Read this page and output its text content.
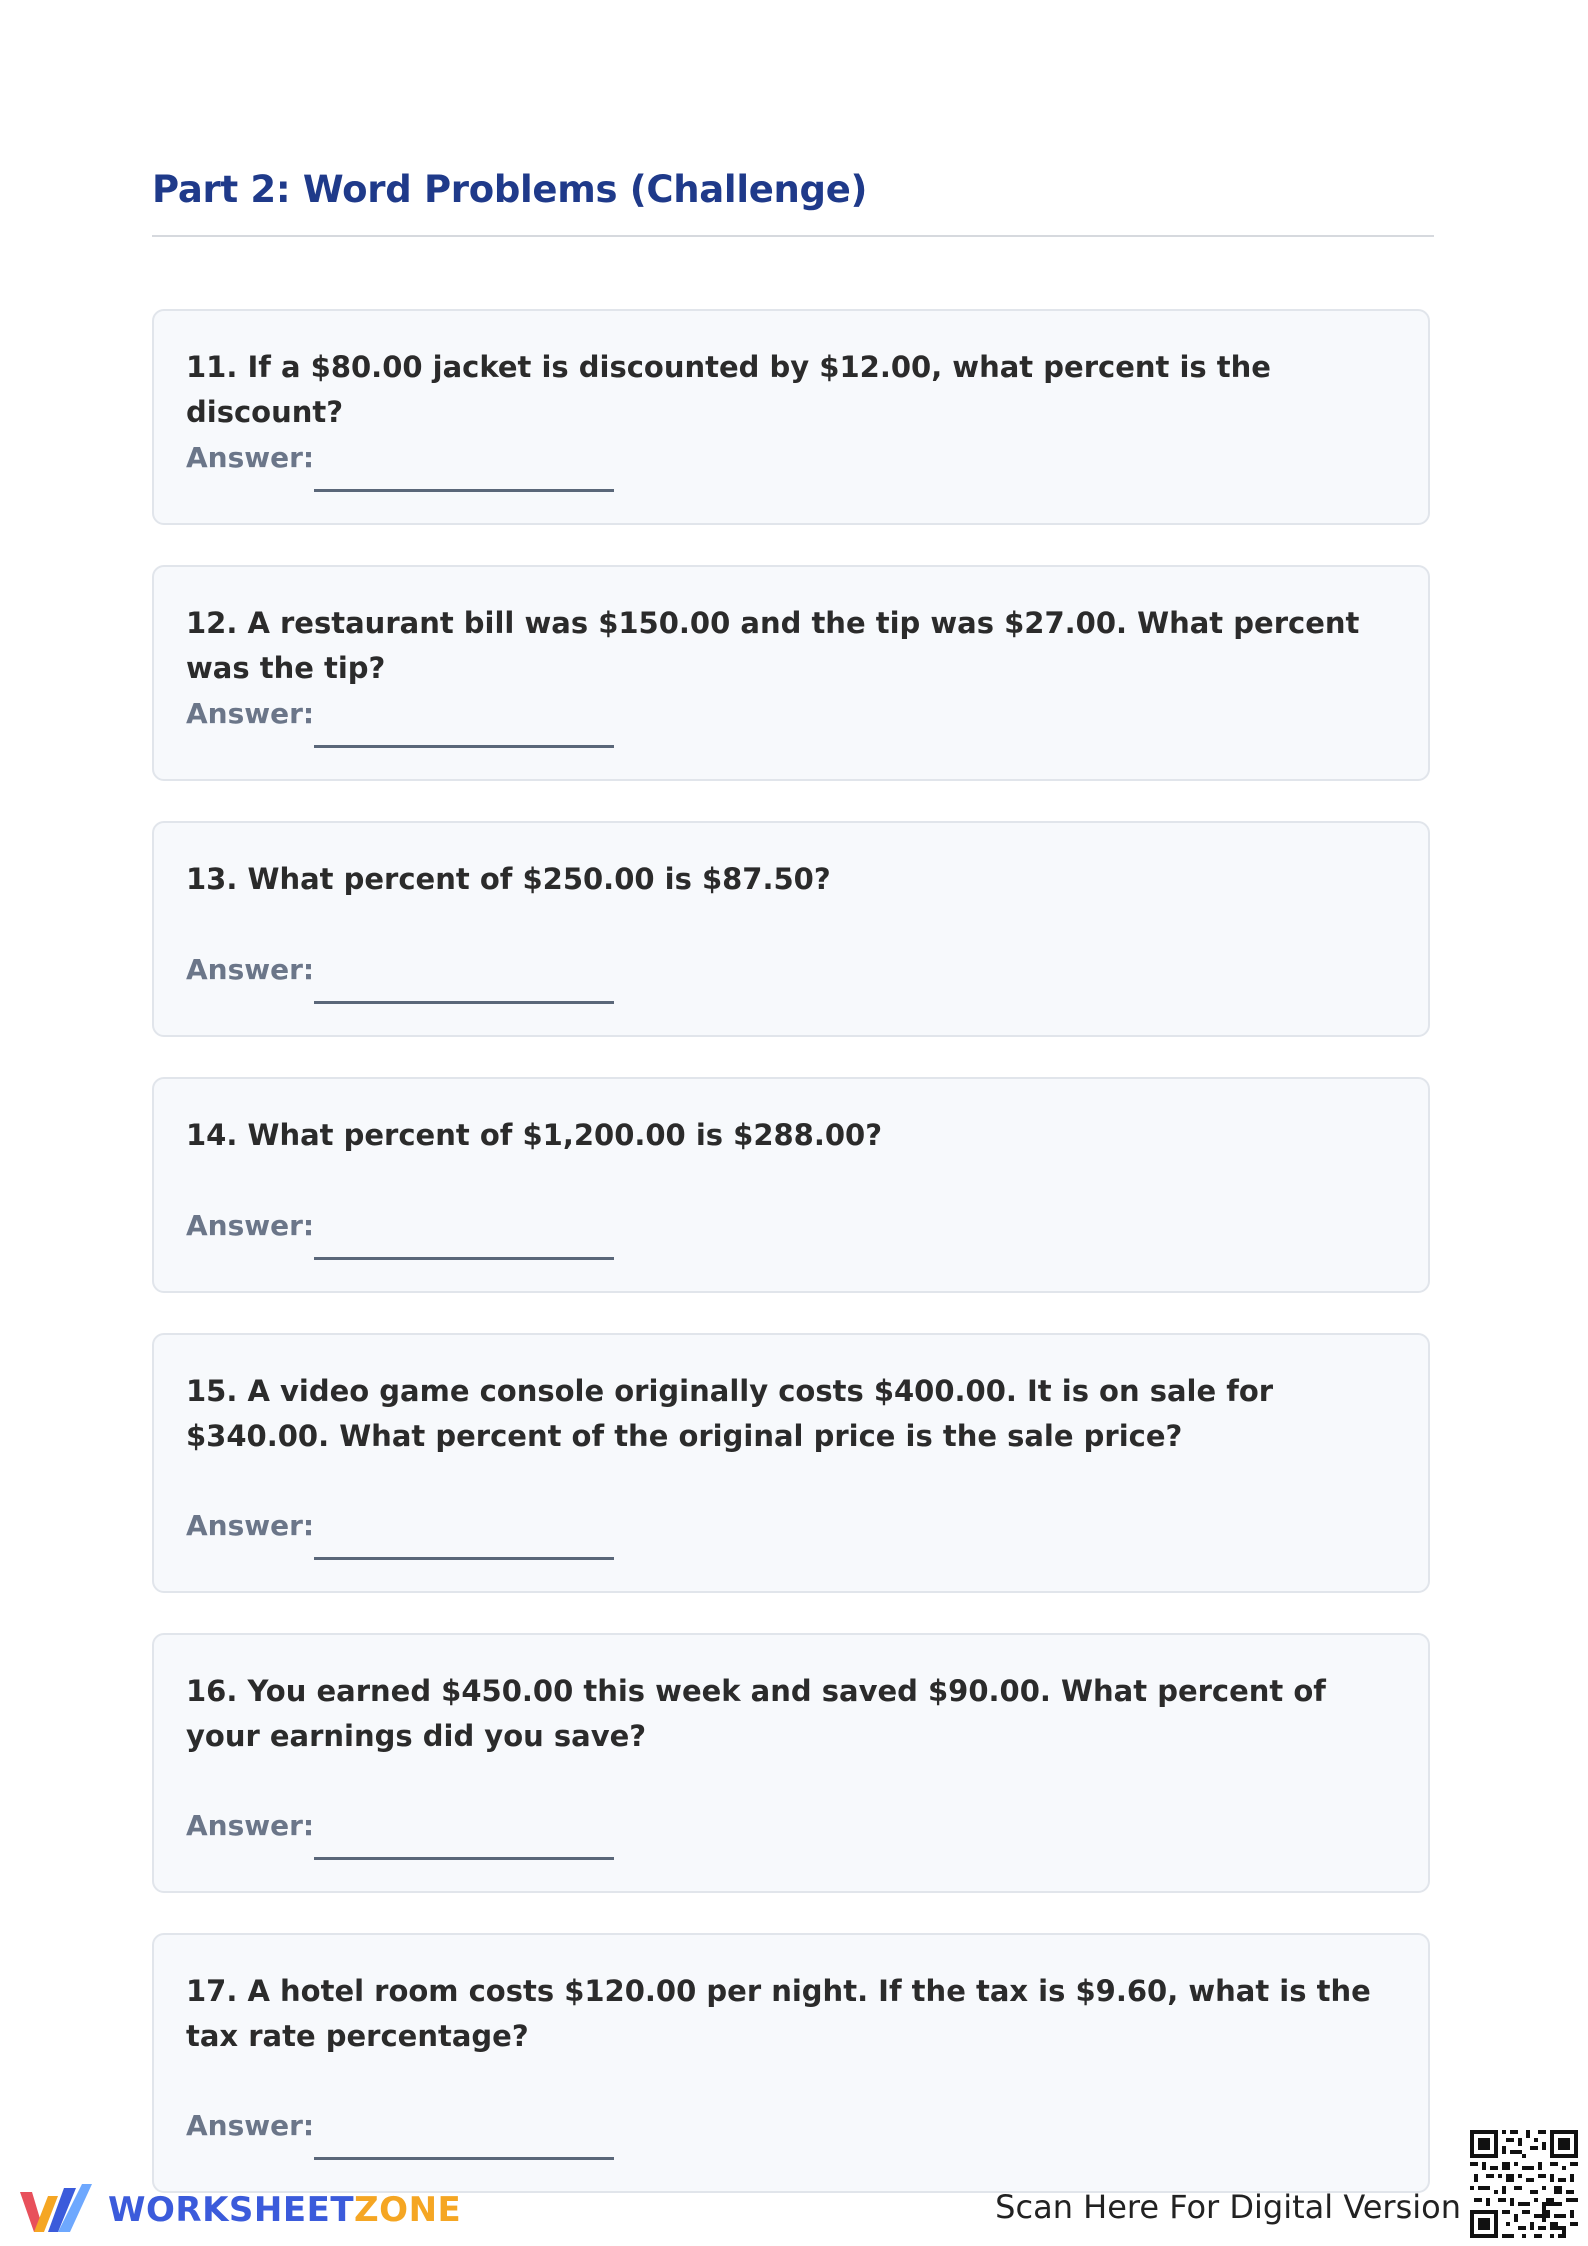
Part 2: Word Problems (Challenge)
11. If a $80.00 jacket is discounted by $12.00, what percent is the discount?
Answer:
12. A restaurant bill was $150.00 and the tip was $27.00. What percent was the tip?
Answer:
13. What percent of $250.00 is $87.50?
Answer:
14. What percent of $1,200.00 is $288.00?
Answer:
15. A video game console originally costs $400.00. It is on sale for $340.00. What percent of the original price is the sale price?
Answer:
16. You earned $450.00 this week and saved $90.00. What percent of your earnings did you save?
Answer:
17. A hotel room costs $120.00 per night. If the tax is $9.60, what is the tax rate percentage?
Answer:
WORKSHEETZONE	Scan Here For Digital Version
